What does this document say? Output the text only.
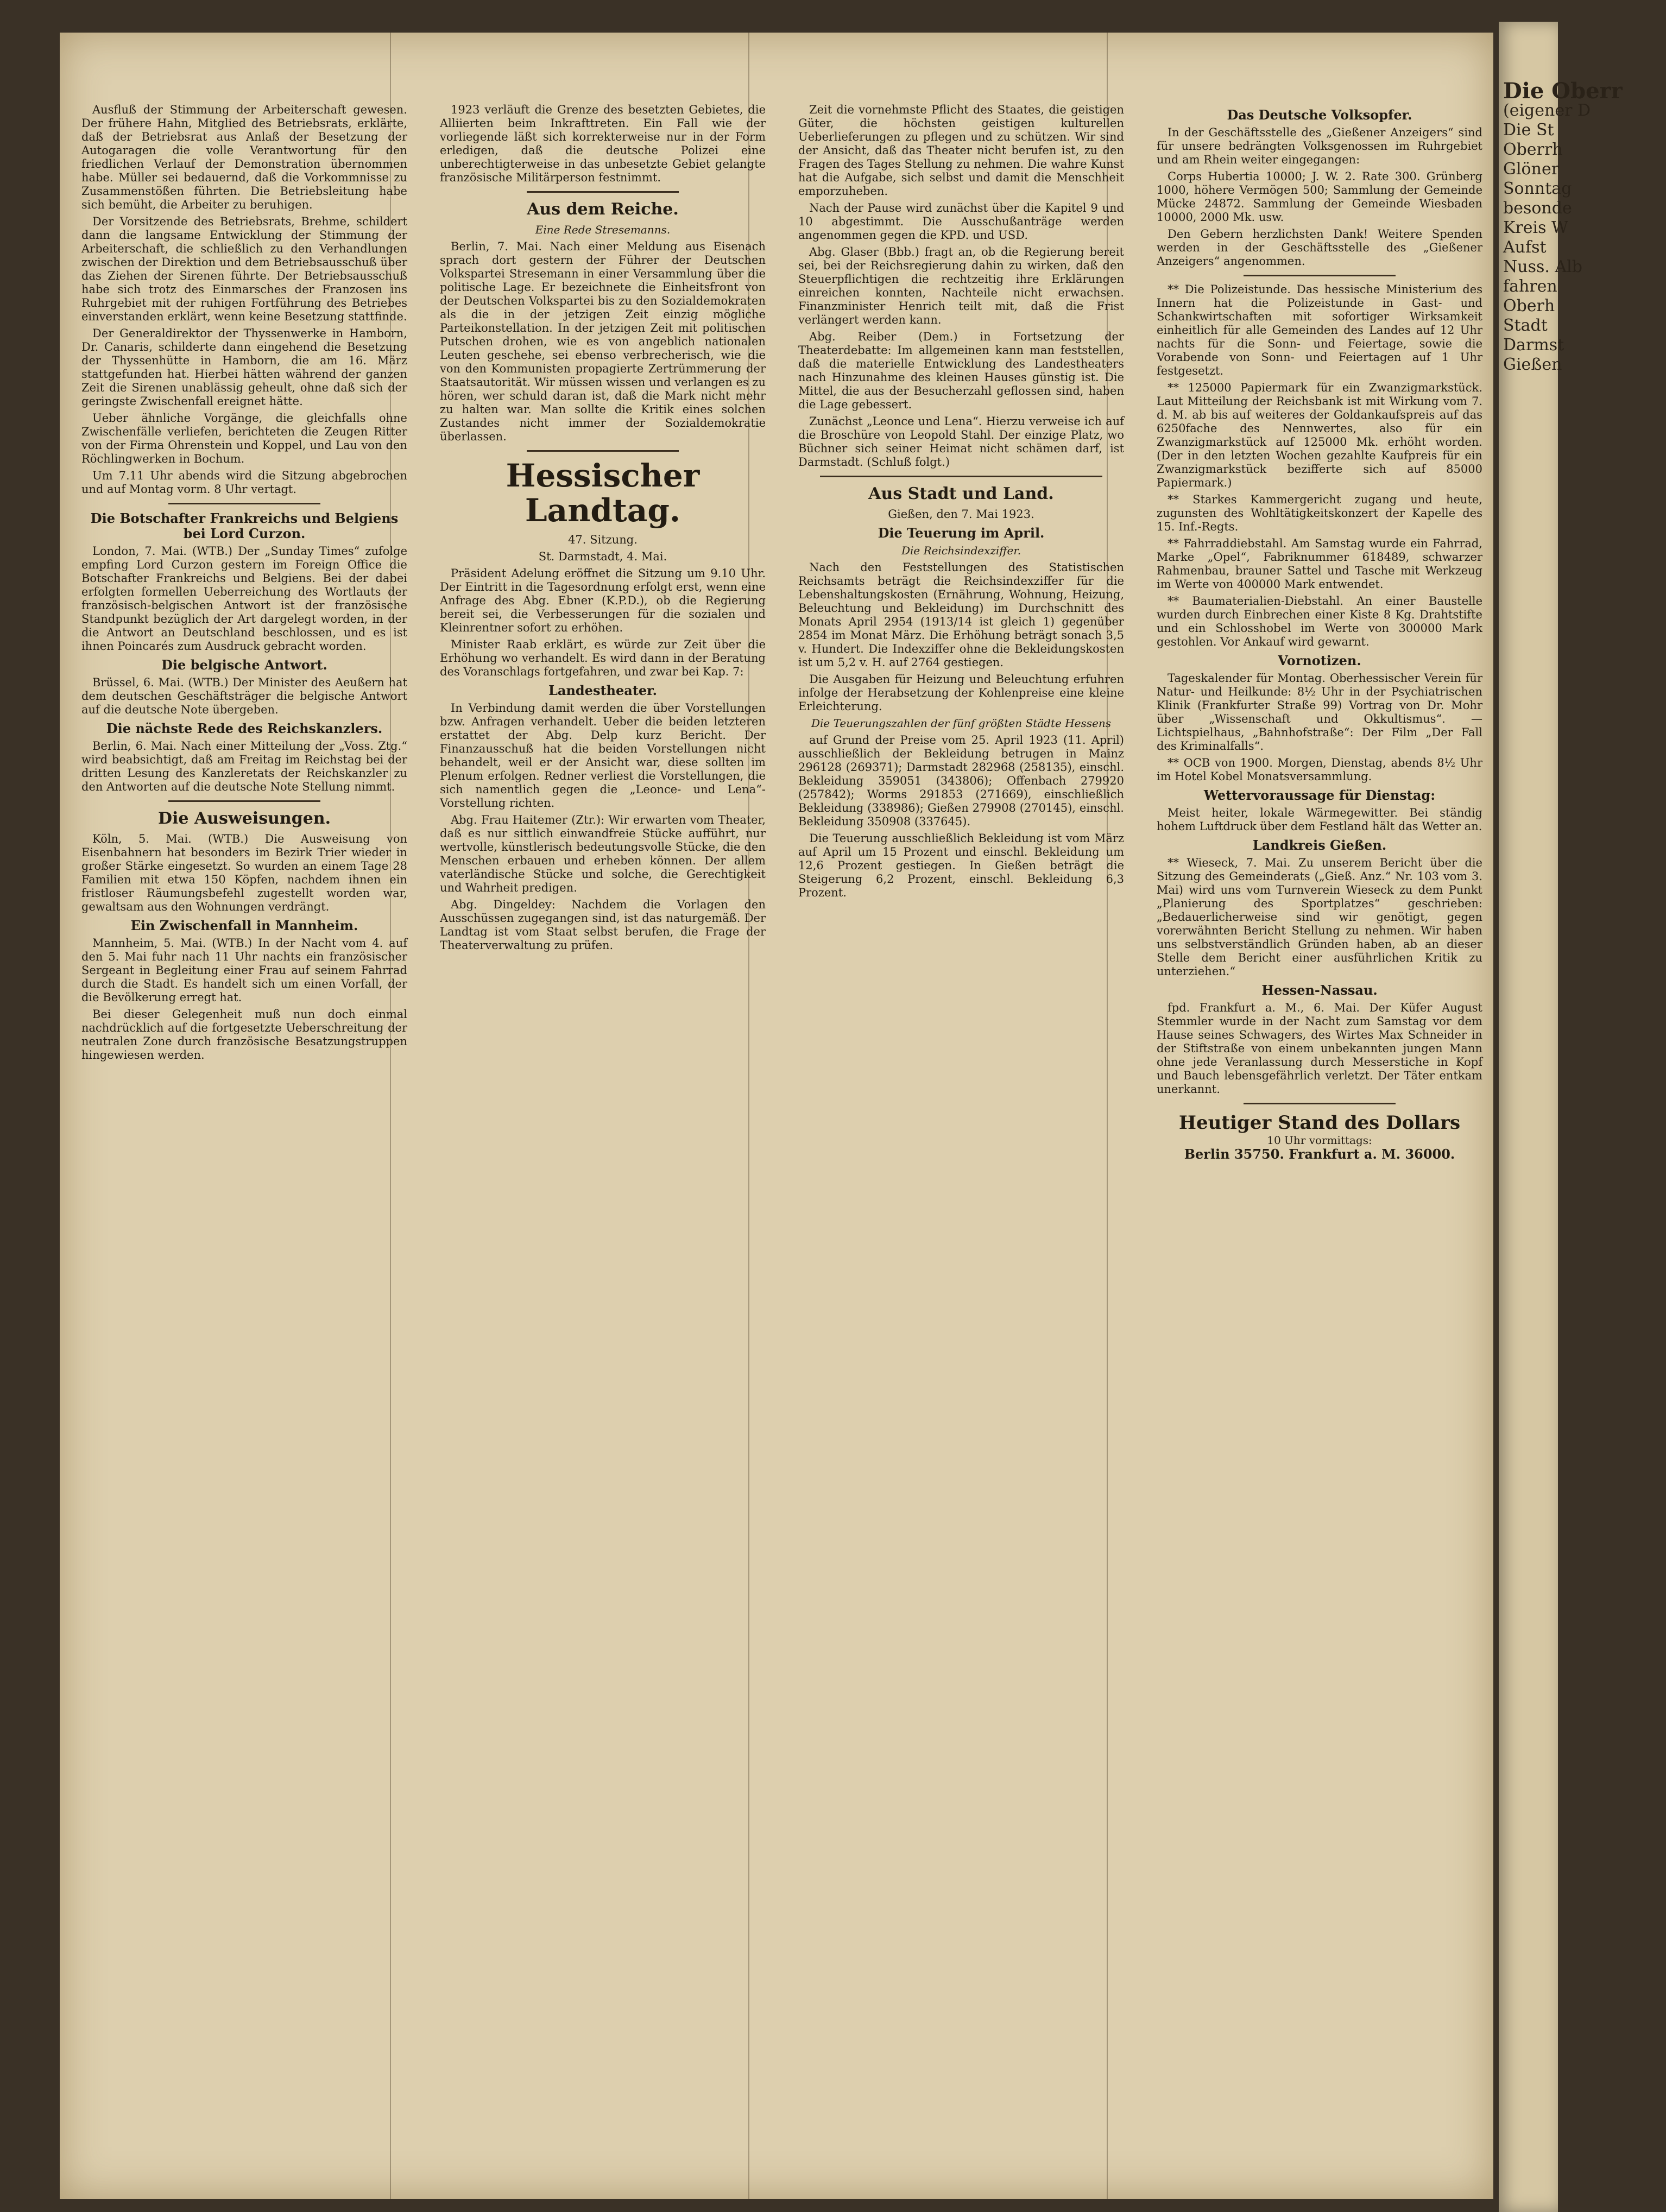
Ausfluß der Stimmung der Arbeiterschaft gewesen. Der frühere Hahn, Mitglied des Betriebsrats, erklärte, daß der Betriebsrat aus Anlaß der Besetzung der Autogaragen die volle Verantwortung für den friedlichen Verlauf der Demonstration übernommen habe. Müller sei bedauernd, daß die Vorkommnisse zu Zusammenstößen führten. Die Betriebsleitung habe sich bemüht, die Arbeiter zu beruhigen.

Der Vorsitzende des Betriebsrats, Brehme, schildert dann die langsame Entwicklung der Stimmung der Arbeiterschaft, die schließlich zu den Verhandlungen zwischen der Direktion und dem Betriebsausschuß über das Ziehen der Sirenen führte. Der Betriebsausschuß habe sich trotz des Einmarsches der Franzosen ins Ruhrgebiet mit der ruhigen Fortführung des Betriebes einverstanden erklärt, wenn keine Besetzung stattfinde.

Der Generaldirektor der Thyssenwerke in Hamborn, Dr. Canaris, schilderte dann eingehend die Besetzung der Thyssenhütte in Hamborn, die am 16. März stattgefunden hat. Hierbei hätten während der ganzen Zeit die Sirenen unablässig geheult, ohne daß sich der geringste Zwischenfall ereignet hätte.

Ueber ähnliche Vorgänge, die gleichfalls ohne Zwischenfälle verliefen, berichteten die Zeugen Ritter von der Firma Ohrenstein und Koppel, und Lau von den Röchlingwerken in Bochum.

Um 7.11 Uhr abends wird die Sitzung abgebrochen und auf Montag vorm. 8 Uhr vertagt.

Die Botschafter Frankreichs und Belgiens bei Lord Curzon.

London, 7. Mai. (WTB.) Der „Sunday Times“ zufolge empfing Lord Curzon gestern im Foreign Office die Botschafter Frankreichs und Belgiens. Bei der dabei erfolgten formellen Ueberreichung des Wortlauts der französisch-belgischen Antwort ist der französische Standpunkt bezüglich der Art dargelegt worden, in der die Antwort an Deutschland beschlossen, und es ist ihnen Poincarés zum Ausdruck gebracht worden.

Die belgische Antwort.

Brüssel, 6. Mai. (WTB.) Der Minister des Aeußern hat dem deutschen Geschäftsträger die belgische Antwort auf die deutsche Note übergeben.

Die nächste Rede des Reichskanzlers.

Berlin, 6. Mai. Nach einer Mitteilung der „Voss. Ztg.“ wird beabsichtigt, daß am Freitag im Reichstag bei der dritten Lesung des Kanzleretats der Reichskanzler zu den Antworten auf die deutsche Note Stellung nimmt.

Die Ausweisungen.

Köln, 5. Mai. (WTB.) Die Ausweisung von Eisenbahnern hat besonders im Bezirk Trier wieder in großer Stärke eingesetzt. So wurden an einem Tage 28 Familien mit etwa 150 Köpfen, nachdem ihnen ein fristloser Räumungsbefehl zugestellt worden war, gewaltsam aus den Wohnungen verdrängt.

Ein Zwischenfall in Mannheim.

Mannheim, 5. Mai. (WTB.) In der Nacht vom 4. auf den 5. Mai fuhr nach 11 Uhr nachts ein französischer Sergeant in Begleitung einer Frau auf seinem Fahrrad durch die Stadt. Es handelt sich um einen Vorfall, der die Bevölkerung erregt hat.

Bei dieser Gelegenheit muß nun doch einmal nachdrücklich auf die fortgesetzte Ueberschreitung der neutralen Zone durch französische Besatzungstruppen hingewiesen werden.

1923 verläuft die Grenze des besetzten Gebietes, die Alliierten beim Inkrafttreten. Ein Fall wie der vorliegende läßt sich korrekterweise nur in der Form erledigen, daß die deutsche Polizei eine unberechtigterweise in das unbesetzte Gebiet gelangte französische Militärperson festnimmt.

Aus dem Reiche.
Eine Rede Stresemanns.

Berlin, 7. Mai. Nach einer Meldung aus Eisenach sprach dort gestern der Führer der Deutschen Volkspartei Stresemann in einer Versammlung über die politische Lage. Er bezeichnete die Einheitsfront von der Deutschen Volkspartei bis zu den Sozialdemokraten als die in der jetzigen Zeit einzig mögliche Parteikonstellation. In der jetzigen Zeit mit politischen Putschen drohen, wie es von angeblich nationalen Leuten geschehe, sei ebenso verbrecherisch, wie die von den Kommunisten propagierte Zertrümmerung der Staatsautorität. Wir müssen wissen und verlangen es zu hören, wer schuld daran ist, daß die Mark nicht mehr zu halten war. Man sollte die Kritik eines solchen Zustandes nicht immer der Sozialdemokratie überlassen.

Hessischer Landtag.
47. Sitzung.
St. Darmstadt, 4. Mai.

Präsident Adelung eröffnet die Sitzung um 9.10 Uhr. Der Eintritt in die Tagesordnung erfolgt erst, wenn eine Anfrage des Abg. Ebner (K.P.D.), ob die Regierung bereit sei, die Verbesserungen für die sozialen und Kleinrentner sofort zu erhöhen.

Minister Raab erklärt, es würde zur Zeit über die Erhöhung wo verhandelt. Es wird dann in der Beratung des Voranschlags fortgefahren, und zwar bei Kap. 7:

Landestheater.

In Verbindung damit werden die über Vorstellungen bzw. Anfragen verhandelt. Ueber die beiden letzteren erstattet der Abg. Delp kurz Bericht. Der Finanzausschuß hat die beiden Vorstellungen nicht behandelt, weil er der Ansicht war, diese sollten im Plenum erfolgen. Redner verliest die Vorstellungen, die sich namentlich gegen die „Leonce- und Lena“-Vorstellung richten.

Abg. Frau Haitemer (Ztr.): Wir erwarten vom Theater, daß es nur sittlich einwandfreie Stücke aufführt, nur wertvolle, künstlerisch bedeutungsvolle Stücke, die den Menschen erbauen und erheben können. Der allem vaterländische Stücke und solche, die Gerechtigkeit und Wahrheit predigen.

Abg. Dingeldey: Nachdem die Vorlagen den Ausschüssen zugegangen sind, ist das naturgemäß. Der Landtag ist vom Staat selbst berufen, die Frage der Theaterverwaltung zu prüfen.

Zeit die vornehmste Pflicht des Staates, die geistigen Güter, die höchsten geistigen kulturellen Ueberlieferungen zu pflegen und zu schützen. Wir sind der Ansicht, daß das Theater nicht berufen ist, zu den Fragen des Tages Stellung zu nehmen. Die wahre Kunst hat die Aufgabe, sich selbst und damit die Menschheit emporzuheben.

Nach der Pause wird zunächst über die Kapitel 9 und 10 abgestimmt. Die Ausschußanträge werden angenommen gegen die KPD. und USD.

Abg. Glaser (Bbb.) fragt an, ob die Regierung bereit sei, bei der Reichsregierung dahin zu wirken, daß den Steuerpflichtigen die rechtzeitig ihre Erklärungen einreichen konnten, Nachteile nicht erwachsen. Finanzminister Henrich teilt mit, daß die Frist verlängert werden kann.

Abg. Reiber (Dem.) in Fortsetzung der Theaterdebatte: Im allgemeinen kann man feststellen, daß die materielle Entwicklung des Landestheaters nach Hinzunahme des kleinen Hauses günstig ist. Die Mittel, die aus der Besucherzahl geflossen sind, haben die Lage gebessert.

Zunächst „Leonce und Lena“. Hierzu verweise ich auf die Broschüre von Leopold Stahl. Der einzige Platz, wo Büchner sich seiner Heimat nicht schämen darf, ist Darmstadt. (Schluß folgt.)

Aus Stadt und Land.
Gießen, den 7. Mai 1923.
Die Teuerung im April.
Die Reichsindexziffer.

Nach den Feststellungen des Statistischen Reichsamts beträgt die Reichsindexziffer für die Lebenshaltungskosten (Ernährung, Wohnung, Heizung, Beleuchtung und Bekleidung) im Durchschnitt des Monats April 2954 (1913/14 ist gleich 1) gegenüber 2854 im Monat März. Die Erhöhung beträgt sonach 3,5 v. Hundert. Die Indexziffer ohne die Bekleidungskosten ist um 5,2 v. H. auf 2764 gestiegen.

Die Ausgaben für Heizung und Beleuchtung erfuhren infolge der Herabsetzung der Kohlenpreise eine kleine Erleichterung.

Die Teuerungszahlen der fünf größten Städte Hessens

auf Grund der Preise vom 25. April 1923 (11. April) ausschließlich der Bekleidung betrugen in Mainz 296128 (269371); Darmstadt 282968 (258135), einschl. Bekleidung 359051 (343806); Offenbach 279920 (257842); Worms 291853 (271669), einschließlich Bekleidung (338986); Gießen 279908 (270145), einschl. Bekleidung 350908 (337645).

Die Teuerung ausschließlich Bekleidung ist vom März auf April um 15 Prozent und einschl. Bekleidung um 12,6 Prozent gestiegen. In Gießen beträgt die Steigerung 6,2 Prozent, einschl. Bekleidung 6,3 Prozent.

Das Deutsche Volksopfer.

In der Geschäftsstelle des „Gießener Anzeigers“ sind für unsere bedrängten Volksgenossen im Ruhrgebiet und am Rhein weiter eingegangen:

Corps Hubertia 10000; J. W. 2. Rate 300. Grünberg 1000, höhere Vermögen 500; Sammlung der Gemeinde Mücke 24872. Sammlung der Gemeinde Wiesbaden 10000, 2000 Mk. usw.

Den Gebern herzlichsten Dank! Weitere Spenden werden in der Geschäftsstelle des „Gießener Anzeigers“ angenommen.

** Die Polizeistunde. Das hessische Ministerium des Innern hat die Polizeistunde in Gast- und Schankwirtschaften mit sofortiger Wirksamkeit einheitlich für alle Gemeinden des Landes auf 12 Uhr nachts für die Sonn- und Feiertage, sowie die Vorabende von Sonn- und Feiertagen auf 1 Uhr festgesetzt.

** 125000 Papiermark für ein Zwanzigmarkstück. Laut Mitteilung der Reichsbank ist mit Wirkung vom 7. d. M. ab bis auf weiteres der Goldankaufspreis auf das 6250fache des Nennwertes, also für ein Zwanzigmarkstück auf 125000 Mk. erhöht worden. (Der in den letzten Wochen gezahlte Kaufpreis für ein Zwanzigmarkstück bezifferte sich auf 85000 Papiermark.)

** Starkes Kammergericht zugang und heute, zugunsten des Wohltätigkeitskonzert der Kapelle des 15. Inf.-Regts.

** Fahrraddiebstahl. Am Samstag wurde ein Fahrrad, Marke „Opel“, Fabriknummer 618489, schwarzer Rahmenbau, brauner Sattel und Tasche mit Werkzeug im Werte von 400000 Mark entwendet.

** Baumaterialien-Diebstahl. An einer Baustelle wurden durch Einbrechen einer Kiste 8 Kg. Drahtstifte und ein Schlosshobel im Werte von 300000 Mark gestohlen. Vor Ankauf wird gewarnt.

Vornotizen.

Tageskalender für Montag. Oberhessischer Verein für Natur- und Heilkunde: 8½ Uhr in der Psychiatrischen Klinik (Frankfurter Straße 99) Vortrag von Dr. Mohr über „Wissenschaft und Okkultismus“. — Lichtspielhaus, „Bahnhofstraße“: Der Film „Der Fall des Kriminalfalls“.

** OCB von 1900. Morgen, Dienstag, abends 8½ Uhr im Hotel Kobel Monatsversammlung.

Wettervoraussage für Dienstag:

Meist heiter, lokale Wärmegewitter. Bei ständig hohem Luftdruck über dem Festland hält das Wetter an.

Landkreis Gießen.

** Wieseck, 7. Mai. Zu unserem Bericht über die Sitzung des Gemeinderats („Gieß. Anz.“ Nr. 103 vom 3. Mai) wird uns vom Turnverein Wieseck zu dem Punkt „Planierung des Sportplatzes“ geschrieben: „Bedauerlicherweise sind wir genötigt, gegen vorerwähnten Bericht Stellung zu nehmen. Wir haben uns selbstverständlich Gründen haben, ab an dieser Stelle dem Bericht einer ausführlichen Kritik zu unterziehen.“

Hessen-Nassau.

fpd. Frankfurt a. M., 6. Mai. Der Küfer August Stemmler wurde in der Nacht zum Samstag vor dem Hause seines Schwagers, des Wirtes Max Schneider in der Stiftstraße von einem unbekannten jungen Mann ohne jede Veranlassung durch Messerstiche in Kopf und Bauch lebensgefährlich verletzt. Der Täter entkam unerkannt.

Heutiger Stand des Dollars
10 Uhr vormittags:
Berlin 35750. Frankfurt a. M. 36000.
Die Oberr
(eigener D
Die St
Oberrh
Glöner
Sonntag
besonde
Kreis W
Aufst
Nuss. Alb
fahren
Oberh
Stadt
Darmst
Gießen
